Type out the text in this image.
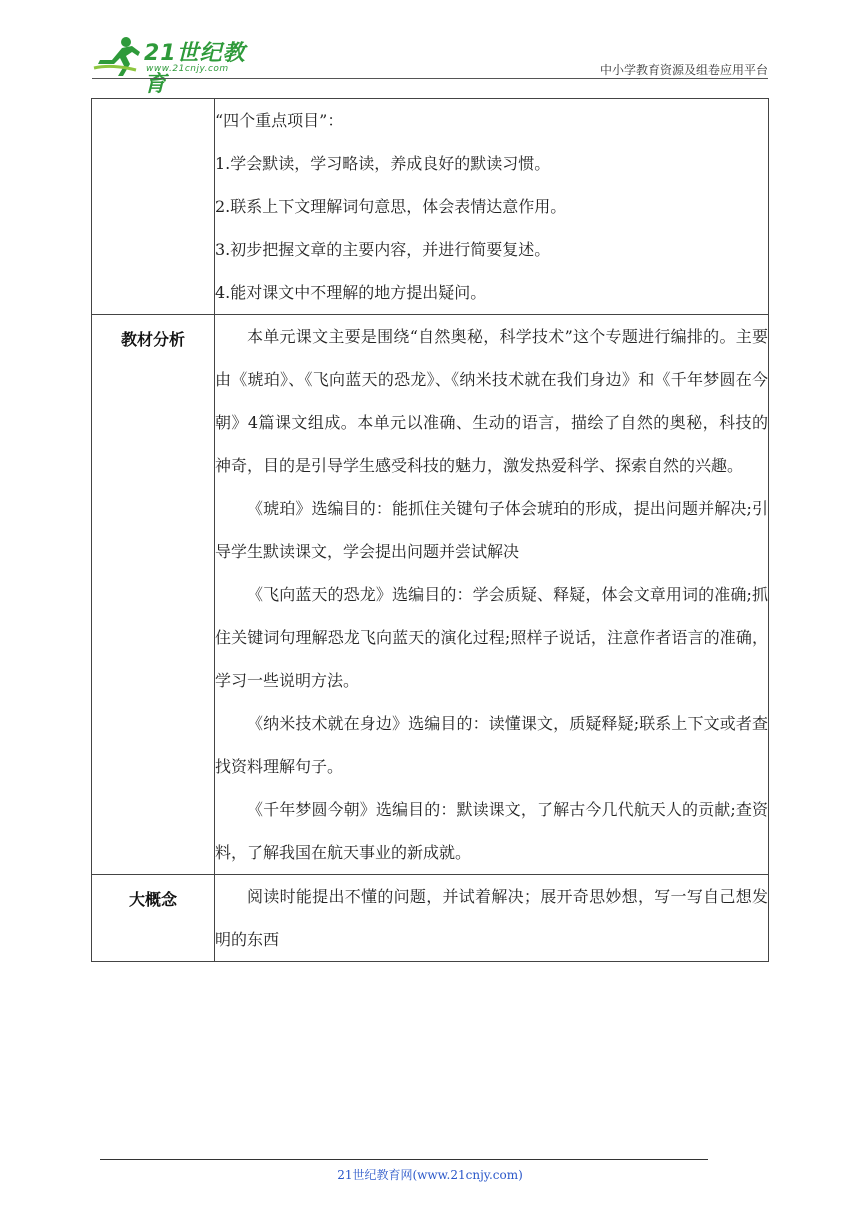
21世纪教育
www.21cnjy.com	中小学教育资源及组卷应用平台

	“四个重点项目”：

1.学会默读，学习略读，养成良好的默读习惯。

2.联系上下文理解词句意思，体会表情达意作用。

3.初步把握文章的主要内容，并进行简要复述。

4.能对课文中不理解的地方提出疑问。

教材分析	本单元课文主要是围绕“自然奥秘，科学技术”这个专题进行编排的。主要由《琥珀》、《飞向蓝天的恐龙》、《纳米技术就在我们身边》和《千年梦圆在今朝》4篇课文组成。本单元以准确、生动的语言，描绘了自然的奥秘，科技的神奇，目的是引导学生感受科技的魅力，激发热爱科学、探索自然的兴趣。

《琥珀》选编目的：能抓住关键句子体会琥珀的形成，提出问题并解决;引导学生默读课文，学会提出问题并尝试解决

《飞向蓝天的恐龙》选编目的：学会质疑、释疑，体会文章用词的准确;抓住关键词句理解恐龙飞向蓝天的演化过程;照样子说话，注意作者语言的准确，学习一些说明方法。

《纳米技术就在身边》选编目的：读懂课文，质疑释疑;联系上下文或者查找资料理解句子。

《千年梦圆今朝》选编目的：默读课文，了解古今几代航天人的贡献;查资料，了解我国在航天事业的新成就。

大概念	阅读时能提出不懂的问题，并试着解决；展开奇思妙想，写一写自己想发明的东西

21世纪教育网(www.21cnjy.com)
